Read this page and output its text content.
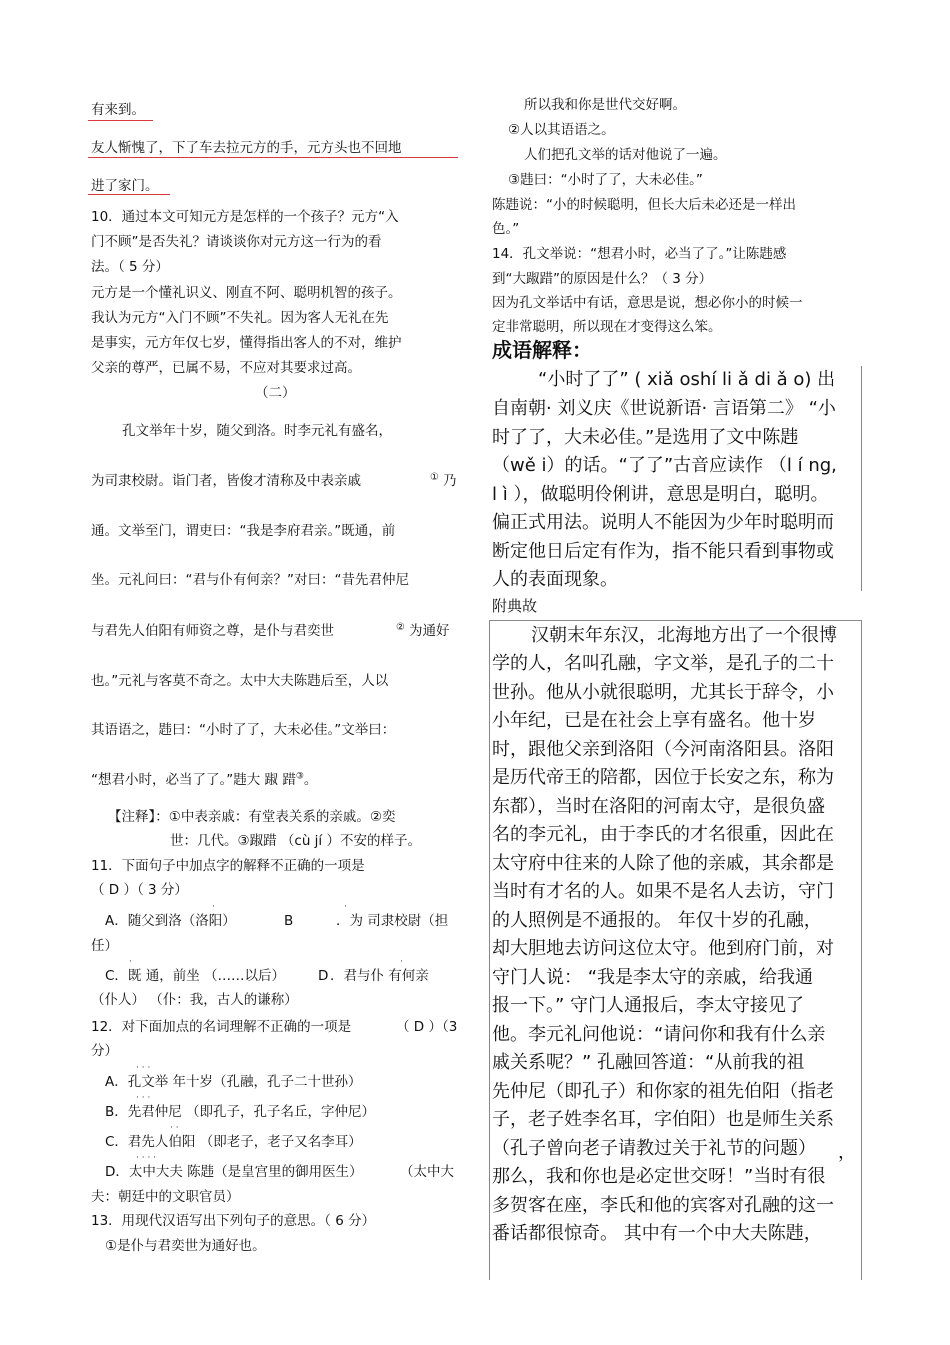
有来到。
友人惭愧了，下了车去拉元方的手，元方头也不回地
进了家门。
10．通过本文可知元方是怎样的一个孩子？元方“入
门不顾”是否失礼？请谈谈你对元方这一行为的看
法。（ 5 分）
元方是一个懂礼识义、刚直不阿、聪明机智的孩子。
我认为元方“入门不顾”不失礼。因为客人无礼在先
是事实，元方年仅七岁，懂得指出客人的不对，维护
父亲的尊严，已属不易，不应对其要求过高。
（二）
孔文举年十岁，随父到洛。时李元礼有盛名，
为司隶校尉。诣门者，皆俊才清称及中表亲戚	① 乃
通。文举至门，谓吏曰：“我是李府君亲。”既通，前
坐。元礼问曰：“君与仆有何亲？”对曰：“昔先君仲尼
与君先人伯阳有师资之尊，是仆与君奕世	② 为通好
也。”元礼与客莫不奇之。太中大夫陈韪后至，人以
其语语之，韪曰：“小时了了，大未必佳。”文举曰：
“想君小时，必当了了。”韪大 踧 踖③。
【注释】：①中表亲戚：有堂表关系的亲戚。②奕
世：几代。③踧踖 （cù jí ）不安的样子。
11．下面句子中加点字的解释不正确的一项是
（ D ）（ 3 分）
·
A．随父到洛（洛阳）	B
·
．为 司隶校尉（担
任）
·
C．既 通，前坐 （……以后） D
·
．君与仆 有何亲
（仆人） （仆：我，古人的谦称）
12．对下面加点的名词理解不正确的一项是	（ D ）（3
分）
· · ·
A．孔文举 年十岁（孔融，孔子二十世孙）
· · ·
B．先君仲尼 （即孔子，孔子名丘，字仲尼）
· ·
C．君先人伯阳 （即老子，老子又名李耳）
· · · ·
D．太中大夫 陈韪（是皇宫里的御用医生）	（太中大
夫：朝廷中的文职官员）
13．用现代汉语写出下列句子的意思。（ 6 分）
①是仆与君奕世为通好也。
所以我和你是世代交好啊。
②人以其语语之。
人们把孔文举的话对他说了一遍。
③韪曰：“小时了了，大未必佳。”
陈韪说：“小的时候聪明，但长大后未必还是一样出
色。”
14．孔文举说：“想君小时，必当了了。”让陈韪感
到“大踧踖”的原因是什么？（ 3 分）
因为孔文举话中有话，意思是说，想必你小的时候一
定非常聪明，所以现在才变得这么笨。
成语解释：
“小时了了” ( xiǎ oshí li ǎ di ǎ o) 出
自南朝· 刘义庆《世说新语· 言语第二》 “小
时了了，大未必佳。”是选用了文中陈韪
（wě i）的话。“了了”古音应读作 （l í ng,
l ì ），做聪明伶俐讲，意思是明白，聪明。
偏正式用法。说明人不能因为少年时聪明而
断定他日后定有作为，指不能只看到事物或
人的表面现象。
附典故
汉朝末年东汉，北海地方出了一个很博
学的人，名叫孔融，字文举，是孔子的二十
世孙。他从小就很聪明，尤其长于辞令，小
小年纪，已是在社会上享有盛名。他十岁
时，跟他父亲到洛阳（今河南洛阳县。洛阳
是历代帝王的陪都，因位于长安之东，称为
东都），当时在洛阳的河南太守，是很负盛
名的李元礼，由于李氏的才名很重，因此在
太守府中往来的人除了他的亲戚，其余都是
当时有才名的人。如果不是名人去访，守门
的人照例是不通报的。 年仅十岁的孔融，
却大胆地去访问这位太守。他到府门前，对
守门人说： “我是李太守的亲戚，给我通
报一下。” 守门人通报后，李太守接见了
他。李元礼问他说：“请问你和我有什么亲
戚关系呢？” 孔融回答道：“从前我的祖
先仲尼（即孔子）和你家的祖先伯阳（指老
子，老子姓李名耳，字伯阳）也是师生关系
（孔子曾向老子请教过关于礼节的问题） ，
那么，我和你也是必定世交呀！”当时有很
多贺客在座，李氏和他的宾客对孔融的这一
番话都很惊奇。 其中有一个中大夫陈韪，
